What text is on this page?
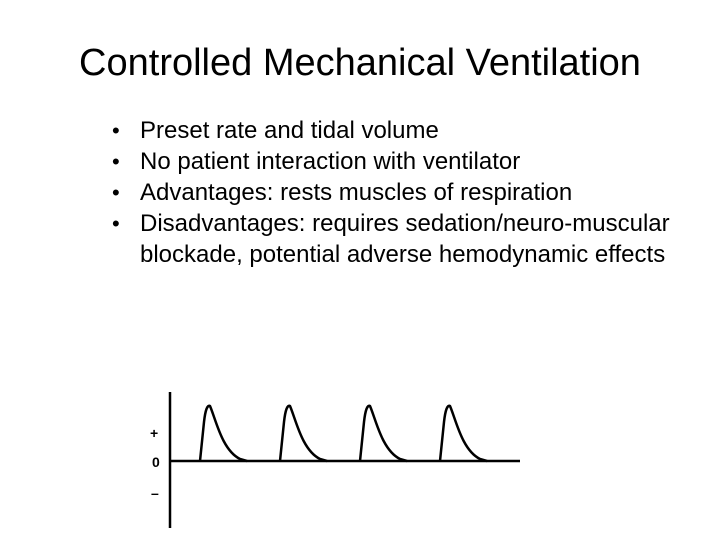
Controlled Mechanical Ventilation
• Preset rate and tidal volume
• No patient interaction with ventilator
• Advantages: rests muscles of respiration
• Disadvantages: requires sedation/neuro-muscular blockade, potential adverse hemodynamic effects
+
0
–
